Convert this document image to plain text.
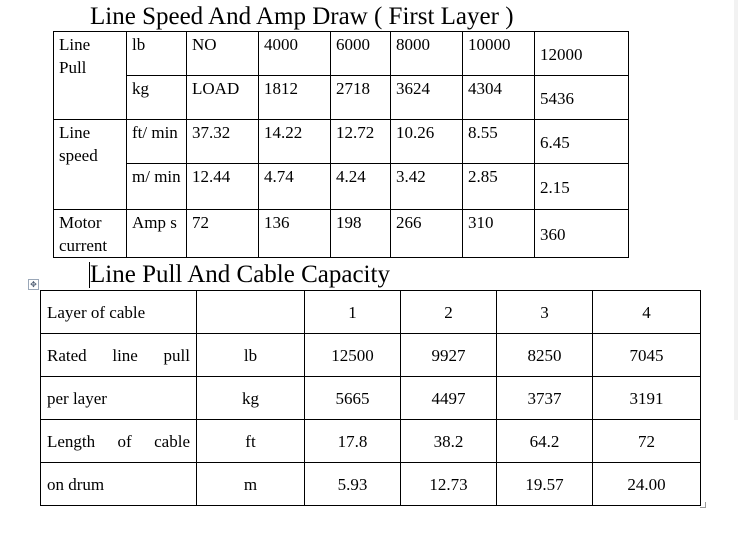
Line Speed And Amp Draw ( First Layer )
Line Pull	lb	NO	4000	6000	8000	10000	12000
	kg	LOAD	1812	2718	3624	4304	5436
Line speed	ft/ min	37.32	14.22	12.72	10.26	8.55	6.45
	m/ min	12.44	4.74	4.24	3.42	2.85	2.15
Motor current	Amp s	72	136	198	266	310	360
✥ Line Pull And Cable Capacity
Layer of cable		1	2	3	4
Rated line pull	lb	12500	9927	8250	7045
per layer	kg	5665	4497	3737	3191
Length of cable	ft	17.8	38.2	64.2	72
on drum	m	5.93	12.73	19.57	24.00
